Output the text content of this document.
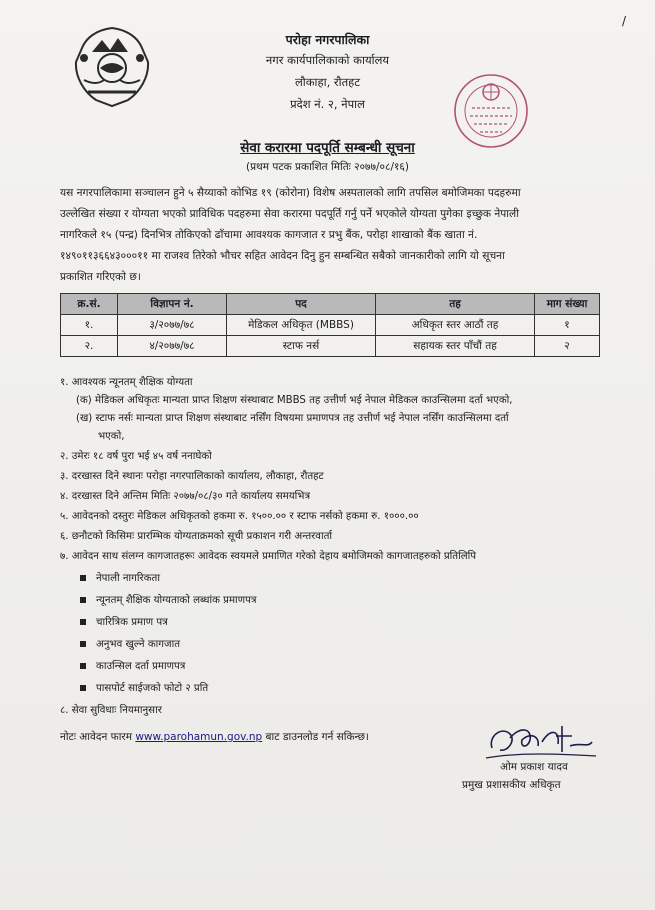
/
परोहा नगरपालिका
नगर कार्यपालिकाको कार्यालय
लौकाहा, रौतहट
प्रदेश नं. २, नेपाल
सेवा करारमा पदपूर्ति सम्बन्धी सूचना
(प्रथम पटक प्रकाशित मितिः २०७७/०८/१६)
यस नगरपालिकामा सञ्चालन हुने ५ सैय्याको कोभिड १९ (कोरोना) विशेष अस्पतालको लागि तपसिल बमोजिमका पदहरुमा
उल्लेखित संख्या र योग्यता भएको प्राविधिक पदहरुमा सेवा करारमा पदपूर्ति गर्नु पर्ने भएकोले योग्यता पुगेका इच्छुक नेपाली
नागरिकले १५ (पन्द्र) दिनभित्र तोकिएको ढाँचामा आवश्यक कागजात र प्रभु बैंक, परोहा शाखाको बैंक खाता नं.
१४९०११३६६४३०००११ मा राजश्व तिरेको भौचर सहित आवेदन दिनु हुन सम्बन्धित सबैको जानकारीको लागि यो सूचना
प्रकाशित गरिएको छ।
क्र.सं.	विज्ञापन नं.	पद	तह	माग संख्या
१.	३/२०७७/७८	मेडिकल अधिकृत (MBBS)	अधिकृत स्तर आठौं तह	१
२.	४/२०७७/७८	स्टाफ नर्स	सहायक स्तर पाँचौं तह	२
१. आवश्यक न्यूनतम् शैक्षिक योग्यता
(क) मेडिकल अधिकृतः मान्यता प्राप्त शिक्षण संस्थाबाट MBBS तह उत्तीर्ण भई नेपाल मेडिकल काउन्सिलमा दर्ता भएको,
(ख) स्टाफ नर्सः मान्यता प्राप्त शिक्षण संस्थाबाट नर्सिंग विषयमा प्रमाणपत्र तह उत्तीर्ण भई नेपाल नर्सिंग काउन्सिलमा दर्ता
भएको,
२. उमेरः १८ वर्ष पुरा भई ४५ वर्ष ननाघेको
३. दरखास्त दिने स्थानः परोहा नगरपालिकाको कार्यालय, लौकाहा, रौतहट
४. दरखास्त दिने अन्तिम मितिः २०७७/०८/३० गते कार्यालय समयभित्र
५. आवेदनको दस्तुरः मेडिकल अधिकृतको हकमा रु. १५००.०० र स्टाफ नर्सको हकमा रु. १०००.००
६. छनौटको किसिमः प्रारम्भिक योग्यताक्रमको सूची प्रकाशन गरी अन्तरवार्ता
७. आवेदन साथ संलग्न कागजातहरूः आवेदक स्वयमले प्रमाणित गरेको देहाय बमोजिमको कागजातहरुको प्रतिलिपि
नेपाली नागरिकता
न्यूनतम् शैक्षिक योग्यताको लब्धांक प्रमाणपत्र
चारित्रिक प्रमाण पत्र
अनुभव खुल्ने कागजात
काउन्सिल दर्ता प्रमाणपत्र
पासपोर्ट साईजको फोटो २ प्रति
८. सेवा सुविधाः नियमानुसार
नोटः आवेदन फारम www.parohamun.gov.np बाट डाउनलोड गर्न सकिन्छ।
ओम प्रकाश यादव
प्रमुख प्रशासकीय अधिकृत
